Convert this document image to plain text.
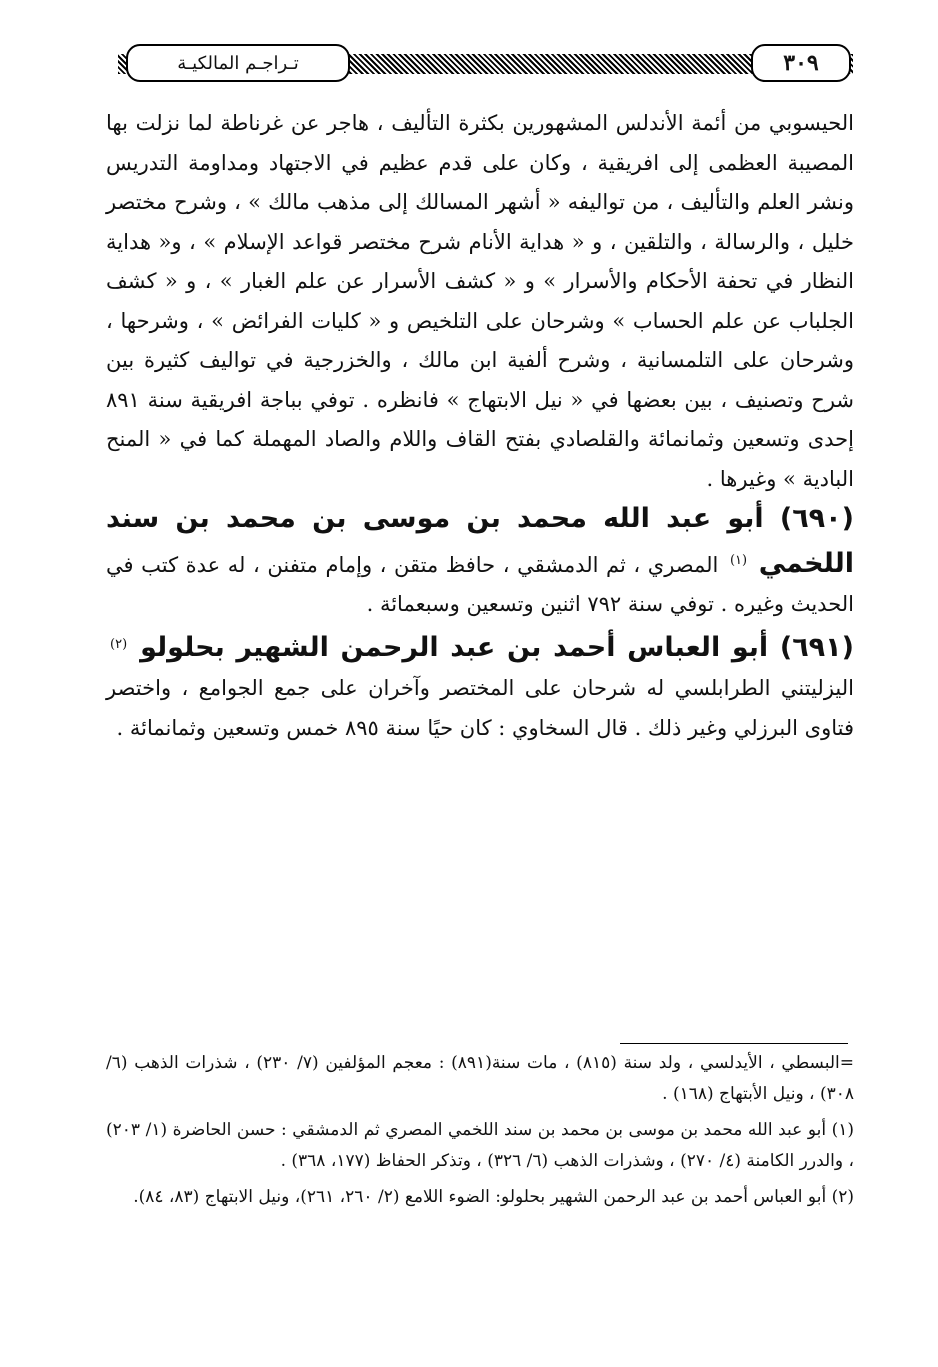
تـراجـم المالكيـة	٣٠٩

الحيسوبي من أئمة الأندلس المشهورين بكثرة التأليف ، هاجر عن غرناطة لما نزلت بها المصيبة العظمى إلى افريقية ، وكان على قدم عظيم في الاجتهاد ومداومة التدريس ونشر العلم والتأليف ، من تواليفه « أشهر المسالك إلى مذهب مالك » ، وشرح مختصر خليل ، والرسالة ، والتلقين ، و « هداية الأنام شرح مختصر قواعد الإسلام » ، و« هداية النظار في تحفة الأحكام والأسرار » و « كشف الأسرار عن علم الغبار » ، و « كشف الجلباب عن علم الحساب » وشرحان على التلخيص و « كليات الفرائض » ، وشرحها ، وشرحان على التلمسانية ، وشرح ألفية ابن مالك ، والخزرجية في تواليف كثيرة بين شرح وتصنيف ، بين بعضها في « نيل الابتهاج » فانظره . توفي بباجة افريقية سنة ٨٩١ إحدى وتسعين وثمانمائة والقلصادي بفتح القاف واللام والصاد المهملة كما في « المنح البادية » وغيرها .

(٦٩٠) أبو عبد الله محمد بن موسى بن محمد بن سند اللخمي $^{(١)}$ المصري ، ثم الدمشقي ، حافظ متقن ، وإمام متفنن ، له عدة كتب في الحديث وغيره . توفي سنة ٧٩٢ اثنين وتسعين وسبعمائة .

(٦٩١) أبو العباس أحمد بن عبد الرحمن الشهير بحلولو $^{(٢)}$ اليزليتني الطرابلسي له شرحان على المختصر وآخران على جمع الجوامع ، واختصر فتاوى البرزلي وغير ذلك . قال السخاوي : كان حيًا سنة ٨٩٥ خمس وتسعين وثمانمائة .

=البسطي ، الأيدلسي ، ولد سنة (٨١٥) ، مات سنة(٨٩١) : معجم المؤلفين (٧/ ٢٣٠) ، شذرات الذهب (٦/ ٣٠٨) ، ونيل الأبتهاج (١٦٨) .

(١) أبو عبد الله محمد بن موسى بن محمد بن سند اللخمي المصري ثم الدمشقي : حسن الحاضرة (١/ ٢٠٣) ، والدرر الكامنة (٤/ ٢٧٠) ، وشذرات الذهب (٦/ ٣٢٦) ، وتذكر الحفاظ (١٧٧، ٣٦٨) .

(٢) أبو العباس أحمد بن عبد الرحمن الشهير بحلولو: الضوء اللامع (٢/ ٢٦٠، ٢٦١)، ونيل الابتهاج (٨٣، ٨٤).
